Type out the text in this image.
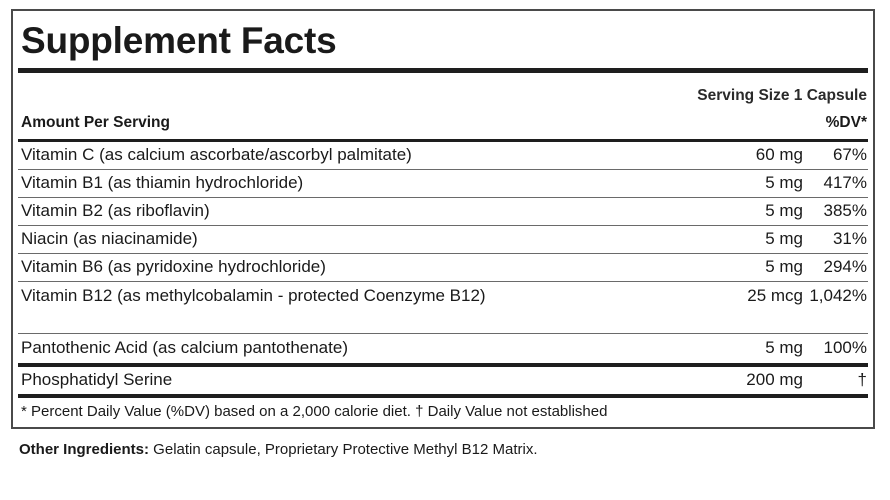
Supplement Facts
Serving Size 1 Capsule
Amount Per Serving	%DV*
Vitamin C (as calcium ascorbate/ascorbyl palmitate)	60 mg 67%
Vitamin B1 (as thiamin hydrochloride)	5 mg 417%
Vitamin B2 (as riboflavin)	5 mg 385%
Niacin (as niacinamide)	5 mg 31%
Vitamin B6 (as pyridoxine hydrochloride)	5 mg 294%
Vitamin B12 (as methylcobalamin - protected Coenzyme B12)	25 mcg 1,042%
Pantothenic Acid (as calcium pantothenate)	5 mg 100%
Phosphatidyl Serine	200 mg	†
* Percent Daily Value (%DV) based on a 2,000 calorie diet. † Daily Value not established
Other Ingredients: Gelatin capsule, Proprietary Protective Methyl B12 Matrix.
